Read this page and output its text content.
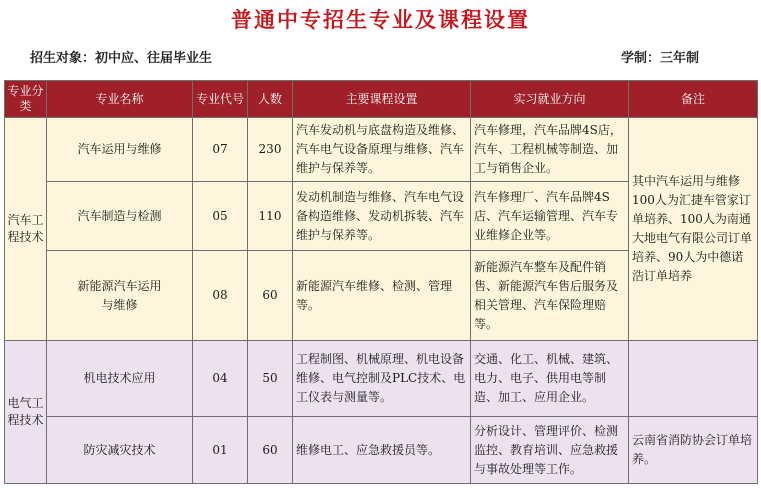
普通中专招生专业及课程设置
招生对象：初中应、往届毕业生	学制：三年制
专业分类	专业名称	专业代号	人数	主要课程设置	实习就业方向	备注
汽车工程技术	汽车运用与维修	07	230	汽车发动机与底盘构造及维修、汽车电气设备原理与维修、汽车维护与保养等。	汽车修理，汽车品牌4S店，汽车、工程机械等制造、加工与销售企业。	其中汽车运用与维修100人为汇捷车管家订单培养、100人为南通大地电气有限公司订单培养、90人为中德诺浩订单培养
	汽车制造与检测	05	110	发动机制造与维修、汽车电气设备构造维修、发动机拆装、汽车维护与保养等。	汽车修理厂、汽车品牌4S店、汽车运输管理、汽车专业维修企业等。	
	新能源汽车运用与维修	08	60	新能源汽车维修、检测、管理等。	新能源汽车整车及配件销售、新能源汽车售后服务及相关管理、汽车保险理赔等。	
电气工程技术	机电技术应用	04	50	工程制图、机械原理、机电设备维修、电气控制及PLC技术、电工仪表与测量等。	交通、化工、机械、建筑、电力、电子、供用电等制造、加工、应用企业。	
	防灾减灾技术	01	60	维修电工、应急救援员等。	分析设计、管理评价、检测监控、教育培训、应急救援与事故处理等工作。	云南省消防协会订单培养。
